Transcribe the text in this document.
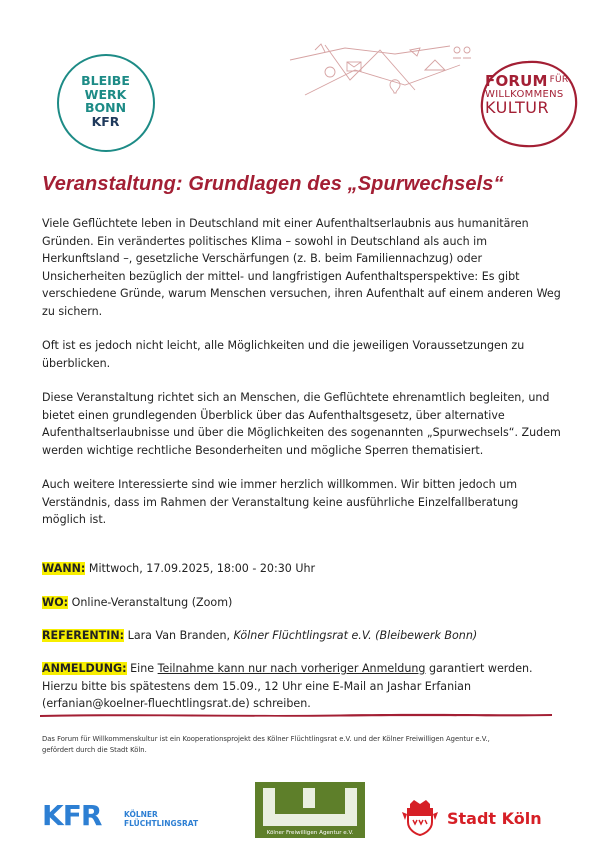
BLEIBE
WERK
BONN
KFR
FORUM $^{FÜR}$
WILLKOMMENS
KULTUR
Veranstaltung: Grundlagen des „Spurwechsels“

Viele Geflüchtete leben in Deutschland mit einer Aufenthaltserlaubnis aus humanitären Gründen. Ein verändertes politisches Klima – sowohl in Deutschland als auch im Herkunftsland –, gesetzliche Verschärfungen (z. B. beim Familiennachzug) oder Unsicherheiten bezüglich der mittel- und langfristigen Aufenthaltsperspektive: Es gibt verschiedene Gründe, warum Menschen versuchen, ihren Aufenthalt auf einem anderen Weg zu sichern.

Oft ist es jedoch nicht leicht, alle Möglichkeiten und die jeweiligen Voraussetzungen zu überblicken.

Diese Veranstaltung richtet sich an Menschen, die Geflüchtete ehrenamtlich begleiten, und bietet einen grundlegenden Überblick über das Aufenthaltsgesetz, über alternative Aufenthaltserlaubnisse und über die Möglichkeiten des sogenannten „Spurwechsels“. Zudem werden wichtige rechtliche Besonderheiten und mögliche Sperren thematisiert.

Auch weitere Interessierte sind wie immer herzlich willkommen. Wir bitten jedoch um Verständnis, dass im Rahmen der Veranstaltung keine ausführliche Einzelfallberatung möglich ist.

WANN: Mittwoch, 17.09.2025, 18:00 - 20:30 Uhr

WO: Online-Veranstaltung (Zoom)

REFERENTIN: Lara Van Branden, Kölner Flüchtlingsrat e.V. (Bleibewerk Bonn)

ANMELDUNG: Eine Teilnahme kann nur nach vorheriger Anmeldung garantiert werden.
Hierzu bitte bis spätestens dem 15.09., 12 Uhr eine E-Mail an Jashar Erfanian
(erfanian@koelner-fluechtlingsrat.de) schreiben.

Das Forum für Willkommenskultur ist ein Kooperationsprojekt des Kölner Flüchtlingsrat e.V. und der Kölner Freiwilligen Agentur e.V., gefördert durch die Stadt Köln.

KFR	KÖLNER
FLÜCHTLINGSRAT
Kölner Freiwilligen Agentur e.V.
Stadt Köln
